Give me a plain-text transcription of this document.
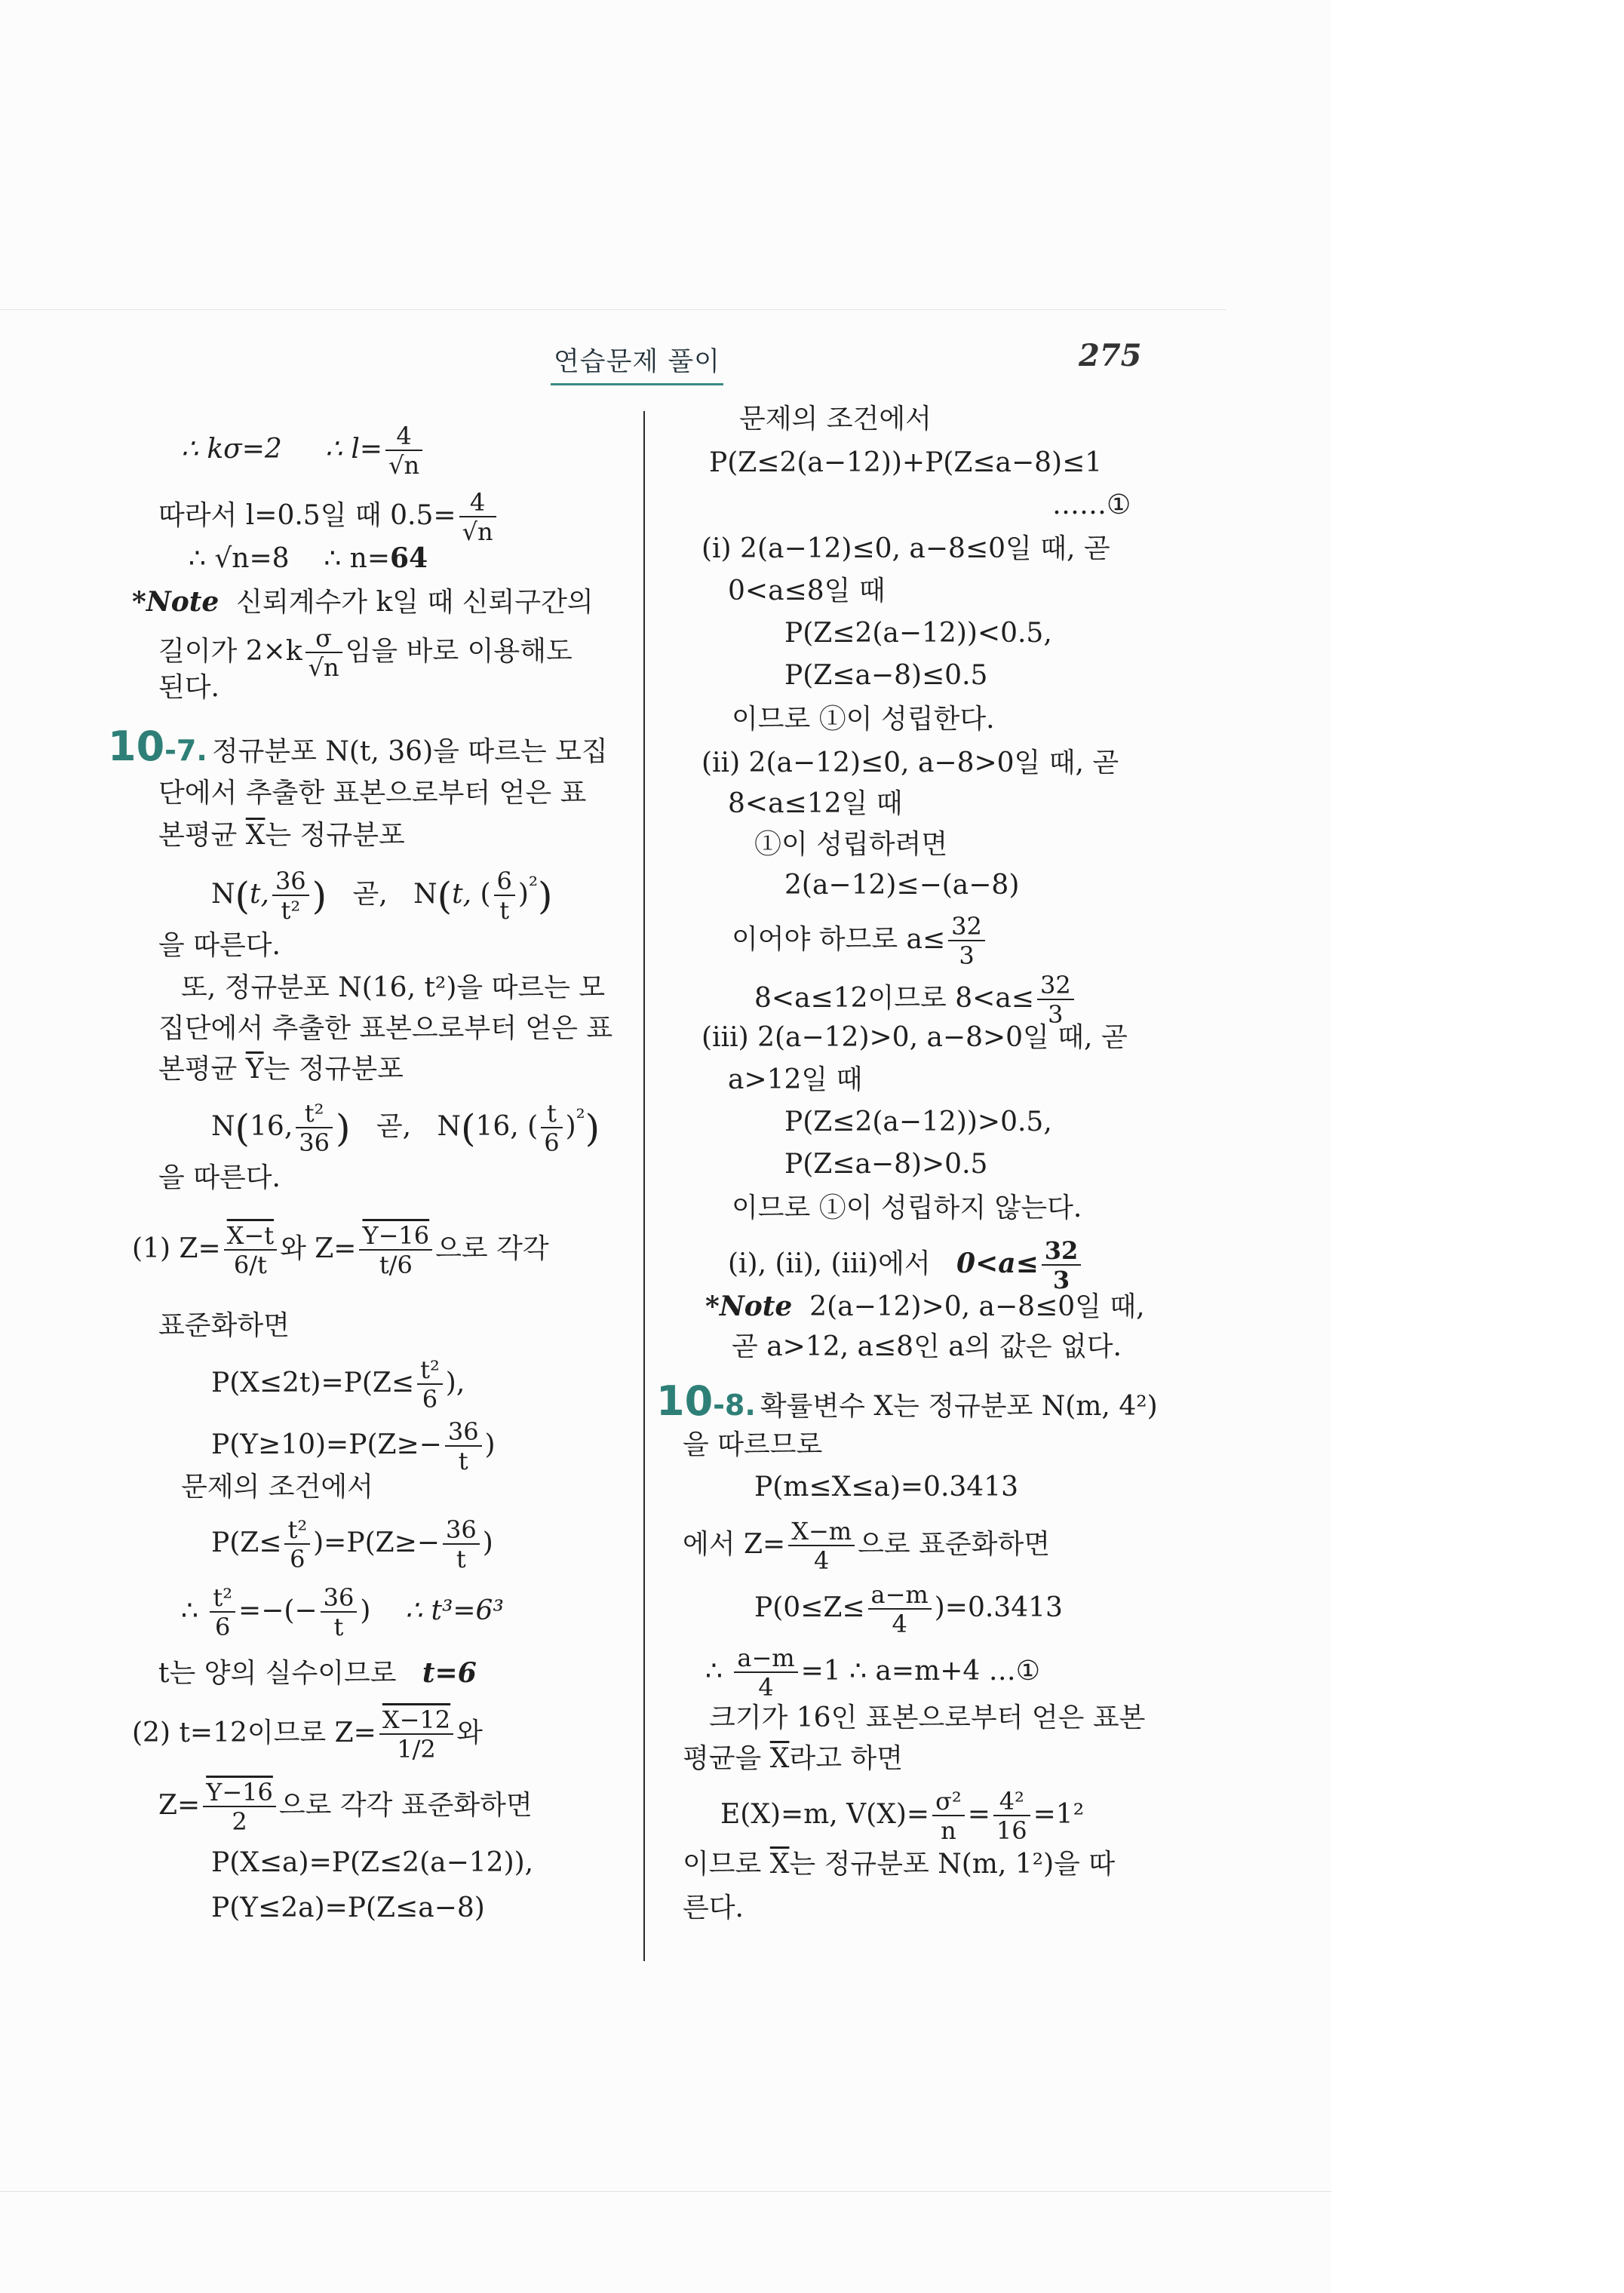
연습문제 풀이	275
∴ kσ=2 ∴ $l= \frac{4}{√n}$
따라서 l=0.5일 때 $0.5= \frac{4}{√n}$
∴ √n=8 ∴ n=64
*Note 신뢰계수가 k일 때 신뢰구간의
길이가 $2\times k \frac{\sigma}{√n}$ 임을 바로 이용해도
된다.
10-7. 정규분포 N(t, 36)을 따르는 모집
단에서 추출한 표본으로부터 얻은 표
본평균 $\overline{X}$는 정규분포
N(t, $\frac{36}{\text{t²}}$ ) 곧, N(t, ( $\frac{6}{t} )^{^2}$)
을 따른다.
또, 정규분포 N(16, t²)을 따르는 모
집단에서 추출한 표본으로부터 얻은 표
본평균 $\overline{Y}$는 정규분포
N(16, $\frac{\text{t²}}{36}$ ) 곧, N(16, ( $\frac{t}{6} )^{^2}$)
을 따른다.
(1) $Z= \frac{X-t}{6/t}$ 와 $Z= \frac{Y-16}{t/6}$ 으로 각각
표준화하면
$P(X\le 2t)=P(Z\le \frac{\text{t²}}{6}$ ),
$P(Y\ge 10)=P(Z\ge- \frac{36}{t}$ )
문제의 조건에서
$P(Z\le \frac{\text{t²}}{6} )=P(Z\ge- \frac{36}{t}$ )
∴ $\frac{\text{t²}}{6}$ =−(− $\frac{36}{t}$ ) ∴ t³=6³
t는 양의 실수이므로 t=6
(2) t=12이므로 $Z= \frac{X-12}{1/2}$ 와
$Z= \frac{Y-16}{2}$ 으로 각각 표준화하면
P(X≤a)=P(Z≤2(a−12)),
P(Y≤2a)=P(Z≤a−8)
문제의 조건에서
P(Z≤2(a−12))+P(Z≤a−8)≤1
……①
(i) 2(a−12)≤0, a−8≤0일 때, 곧
0<a≤8일 때
P(Z≤2(a−12))<0.5,
P(Z≤a−8)≤0.5
이므로 ①이 성립한다.
(ii) 2(a−12)≤0, a−8>0일 때, 곧
8<a≤12일 때
①이 성립하려면
2(a−12)≤−(a−8)
이어야 하므로 $a\le \frac{32}{3}$
8<a≤12이므로 $8<a\le \frac{32}{3}$
(iii) 2(a−12)>0, a−8>0일 때, 곧
a>12일 때
P(Z≤2(a−12))>0.5,
P(Z≤a−8)>0.5
이므로 ①이 성립하지 않는다.
(i), (ii), (iii)에서 $0<a\le \frac{32}{3}$
*Note 2(a−12)>0, a−8≤0일 때,
곧 a>12, a≤8인 a의 값은 없다.
10-8. 확률변수 X는 정규분포 N(m, 4²)
을 따르므로
P(m≤X≤a)=0.3413
에서 $Z= \frac{X-m}{4}$ 으로 표준화하면
$P(0\le Z\le \frac{a-m}{4} )=0.3413$
∴ $\frac{a-m}{4} =1$ ∴ a=m+4 …①
크기가 16인 표본으로부터 얻은 표본
평균을 $\overline{X}$라고 하면
E(X)=m, $V(X)= \frac{\text{σ²}}{n} = \frac{\text{4²}}{16} =1^2$
이므로 $\overline{X}$는 정규분포 N(m, 1²)을 따
른다.
